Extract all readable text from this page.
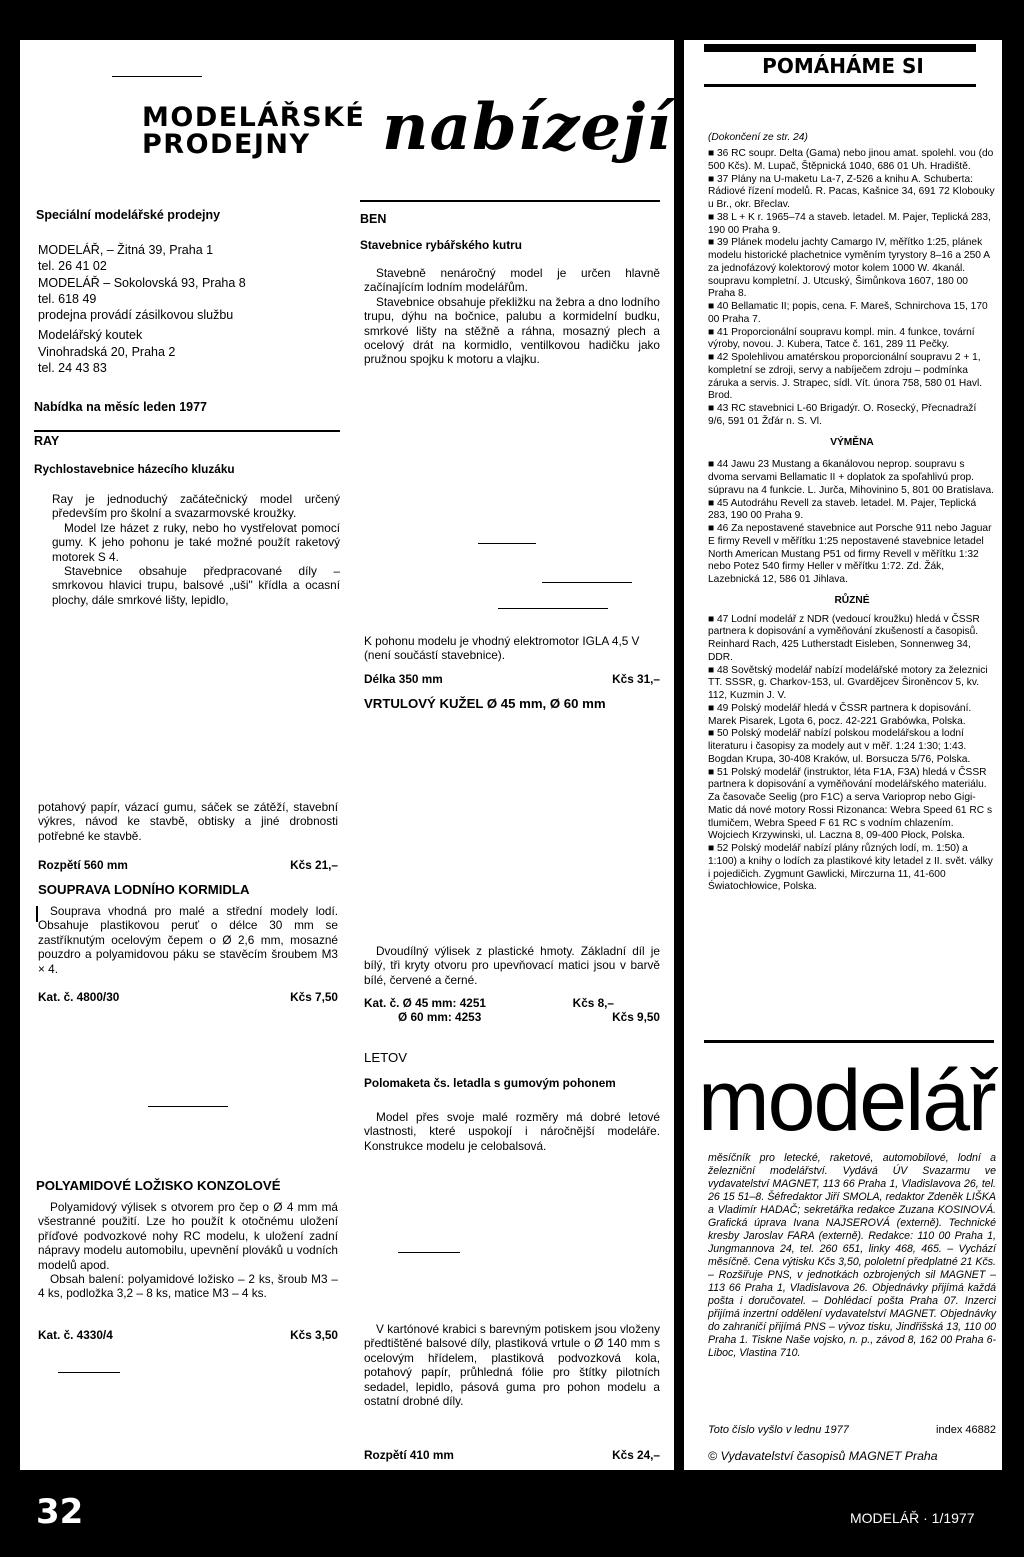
MODELÁŘSKÉ
PRODEJNY	nabízejí
Speciální modelářské prodejny
MODELÁŘ, – Žitná 39, Praha 1
tel. 26 41 02
MODELÁŘ – Sokolovská 93, Praha 8
tel. 618 49
prodejna provádí zásilkovou službu
Modelářský koutek
Vinohradská 20, Praha 2
tel. 24 43 83
Nabídka na měsíc leden 1977
RAY
Rychlostavebnice házecího kluzáku

Ray je jednoduchý začátečnický model určený především pro školní a svazarmovské kroužky.

Model lze házet z ruky, nebo ho vystřelovat pomocí gumy. K jeho pohonu je také možné použít raketový motorek S 4.

Stavebnice obsahuje předpracované díly – smrkovou hlavici trupu, balsové „uši" křídla a ocasní plochy, dále smrkové lišty, lepidlo,

potahový papír, vázací gumu, sáček se zátěží, stavební výkres, návod ke stavbě, obtisky a jiné drobnosti potřebné ke stavbě.
Rozpětí 560 mm	Kčs 21,–
SOUPRAVA LODNÍHO KORMIDLA
Souprava vhodná pro malé a střední modely lodí. Obsahuje plastikovou peruť o délce 30 mm se zastříknutým ocelovým čepem o Ø 2,6 mm, mosazné pouzdro a polyamidovou páku se stavěcím šroubem M3 × 4.
Kat. č. 4800/30	Kčs 7,50
POLYAMIDOVÉ LOŽISKO KONZOLOVÉ

Polyamidový výlisek s otvorem pro čep o Ø 4 mm má všestranné použití. Lze ho použít k otočnému uložení příďové podvozkové nohy RC modelu, k uložení zadní nápravy modelu automobilu, upevnění plováků u vodních modelů apod.

Obsah balení: polyamidové ložisko – 2 ks, šroub M3 – 4 ks, podložka 3,2 – 8 ks, matice M3 – 4 ks.

Kat. č. 4330/4	Kčs 3,50
BEN
Stavebnice rybářského kutru

Stavebně nenáročný model je určen hlavně začínajícím lodním modelářům.

Stavebnice obsahuje překližku na žebra a dno lodního trupu, dýhu na bočnice, palubu a kormidelní budku, smrkové lišty na stěžně a ráhna, mosazný plech a ocelový drát na kormidlo, ventilkovou hadičku jako pružnou spojku k motoru a vlajku.

K pohonu modelu je vhodný elektromotor IGLA 4,5 V (není součástí stavebnice).
Délka 350 mm	Kčs 31,–
VRTULOVÝ KUŽEL Ø 45 mm, Ø 60 mm
Dvoudílný výlisek z plastické hmoty. Základní díl je bílý, tři kryty otvoru pro upevňovací matici jsou v barvě bílé, červené a černé.
Kat. č. Ø 45 mm: 4251	Kčs 8,–
Ø 60 mm: 4253	Kčs 9,50
LETOV
Polomaketa čs. letadla s gumovým pohonem
Model přes svoje malé rozměry má dobré letové vlastnosti, které uspokojí i náročnější modeláře. Konstrukce modelu je celobalsová.
V kartónové krabici s barevným potiskem jsou vloženy předtištěné balsové díly, plastiková vrtule o Ø 140 mm s ocelovým hřídelem, plastiková podvozková kola, potahový papír, průhledná fólie pro štítky pilotních sedadel, lepidlo, pásová guma pro pohon modelu a ostatní drobné díly.
Rozpětí 410 mm	Kčs 24,–
POMÁHÁME SI
(Dokončení ze str. 24)
■ 36 RC soupr. Delta (Gama) nebo jinou amat. spolehl. vou (do 500 Kčs). M. Lupač, Štěpnická 1040, 686 01 Uh. Hradiště.
■ 37 Plány na U-maketu La-7, Z-526 a knihu A. Schuberta: Rádiové řízení modelů. R. Pacas, Kašnice 34, 691 72 Klobouky u Br., okr. Břeclav.
■ 38 L + K r. 1965–74 a staveb. letadel. M. Pajer, Teplická 283, 190 00 Praha 9.
■ 39 Plánek modelu jachty Camargo IV, měřítko 1:25, plánek modelu historické plachetnice vyměním tyrystory 8–16 a 250 A za jednofázový kolektorový motor kolem 1000 W. 4kanál. soupravu kompletní. J. Utcuský, Šimůnkova 1607, 180 00 Praha 8.
■ 40 Bellamatic II; popis, cena. F. Mareš, Schnirchova 15, 170 00 Praha 7.
■ 41 Proporcionální soupravu kompl. min. 4 funkce, tovární výroby, novou. J. Kubera, Tatce č. 161, 289 11 Pečky.
■ 42 Spolehlivou amatérskou proporcionální soupravu 2 + 1, kompletní se zdroji, servy a nabíječem zdroju – podmínka záruka a servis. J. Strapec, sídl. Vít. února 758, 580 01 Havl. Brod.
■ 43 RC stavebnici L-60 Brigadýr. O. Rosecký, Přecnadraží 9/6, 591 01 Žďár n. S. Vl.
VÝMĚNA
■ 44 Jawu 23 Mustang a 6kanálovou neprop. soupravu s dvoma servami Bellamatic II + doplatok za spoľahlivú prop. súpravu na 4 funkcie. L. Jurča, Mihovinino 5, 801 00 Bratislava.
■ 45 Autodráhu Revell za staveb. letadel. M. Pajer, Teplická 283, 190 00 Praha 9.
■ 46 Za nepostavené stavebnice aut Porsche 911 nebo Jaguar E firmy Revell v měřítku 1:25 nepostavené stavebnice letadel North American Mustang P51 od firmy Revell v měřítku 1:32 nebo Potez 540 firmy Heller v měřítku 1:72. Zd. Žák, Lazebnická 12, 586 01 Jihlava.
RŮZNÉ
■ 47 Lodní modelář z NDR (vedoucí kroužku) hledá v ČSSR partnera k dopisování a vyměňování zkušeností a časopisů. Reinhard Rach, 425 Lutherstadt Eisleben, Sonnenweg 34, DDR.
■ 48 Sovětský modelář nabízí modelářské motory za železnici TT. SSSR, g. Charkov-153, ul. Gvardějcev Široněncov 5, kv. 112, Kuzmin J. V.
■ 49 Polský modelář hledá v ČSSR partnera k dopisování. Marek Pisarek, Lgota 6, pocz. 42-221 Grabówka, Polska.
■ 50 Polský modelář nabízí polskou modelářskou a lodní literaturu i časopisy za modely aut v měř. 1:24 1:30; 1:43. Bogdan Krupa, 30-408 Kraków, ul. Borsucza 5/76, Polska.
■ 51 Polský modelář (instruktor, léta F1A, F3A) hledá v ČSSR partnera k dopisování a vyměňování modelářského materiálu. Za časovače Seelig (pro F1C) a serva Varioprop nebo Gigi-Matic dá nové motory Rossi Rizonanca: Webra Speed 61 RC s tlumičem, Webra Speed F 61 RC s vodním chlazením. Wojciech Krzywinski, ul. Laczna 8, 09-400 Płock, Polska.
■ 52 Polský modelář nabízí plány různých lodí, m. 1:50) a 1:100) a knihy o lodích za plastikové kity letadel z II. svět. války i pojedičich. Zygmunt Gawlicki, Mirczurna 11, 41-600 Światochłowice, Polska.
modelář
měsíčník pro letecké, raketové, automobilové, lodní a železniční modelářství. Vydává ÚV Svazarmu ve vydavatelství MAGNET, 113 66 Praha 1, Vladislavova 26, tel. 26 15 51–8. Šéfredaktor Jiří SMOLA, redaktor Zdeněk LIŠKA a Vladimír HADAČ; sekretářka redakce Zuzana KOSINOVÁ. Grafická úprava Ivana NAJSEROVÁ (externě). Technické kresby Jaroslav FARA (externě). Redakce: 110 00 Praha 1, Jungmannova 24, tel. 260 651, linky 468, 465. – Vychází měsíčně. Cena výtisku Kčs 3,50, pololetní předplatné 21 Kčs. – Rozšiřuje PNS, v jednotkách ozbrojených sil MAGNET – 113 66 Praha 1, Vladislavova 26. Objednávky přijímá každá pošta i doručovatel. – Dohlédací pošta Praha 07. Inzerci přijímá inzertní oddělení vydavatelství MAGNET. Objednávky do zahraničí přijímá PNS – vývoz tisku, Jindřišská 13, 110 00 Praha 1. Tiskne Naše vojsko, n. p., závod 8, 162 00 Praha 6-Liboc, Vlastina 710.
Toto číslo vyšlo v lednu 1977	index 46882
© Vydavatelství časopisů MAGNET Praha
32	MODELÁŘ · 1/1977
